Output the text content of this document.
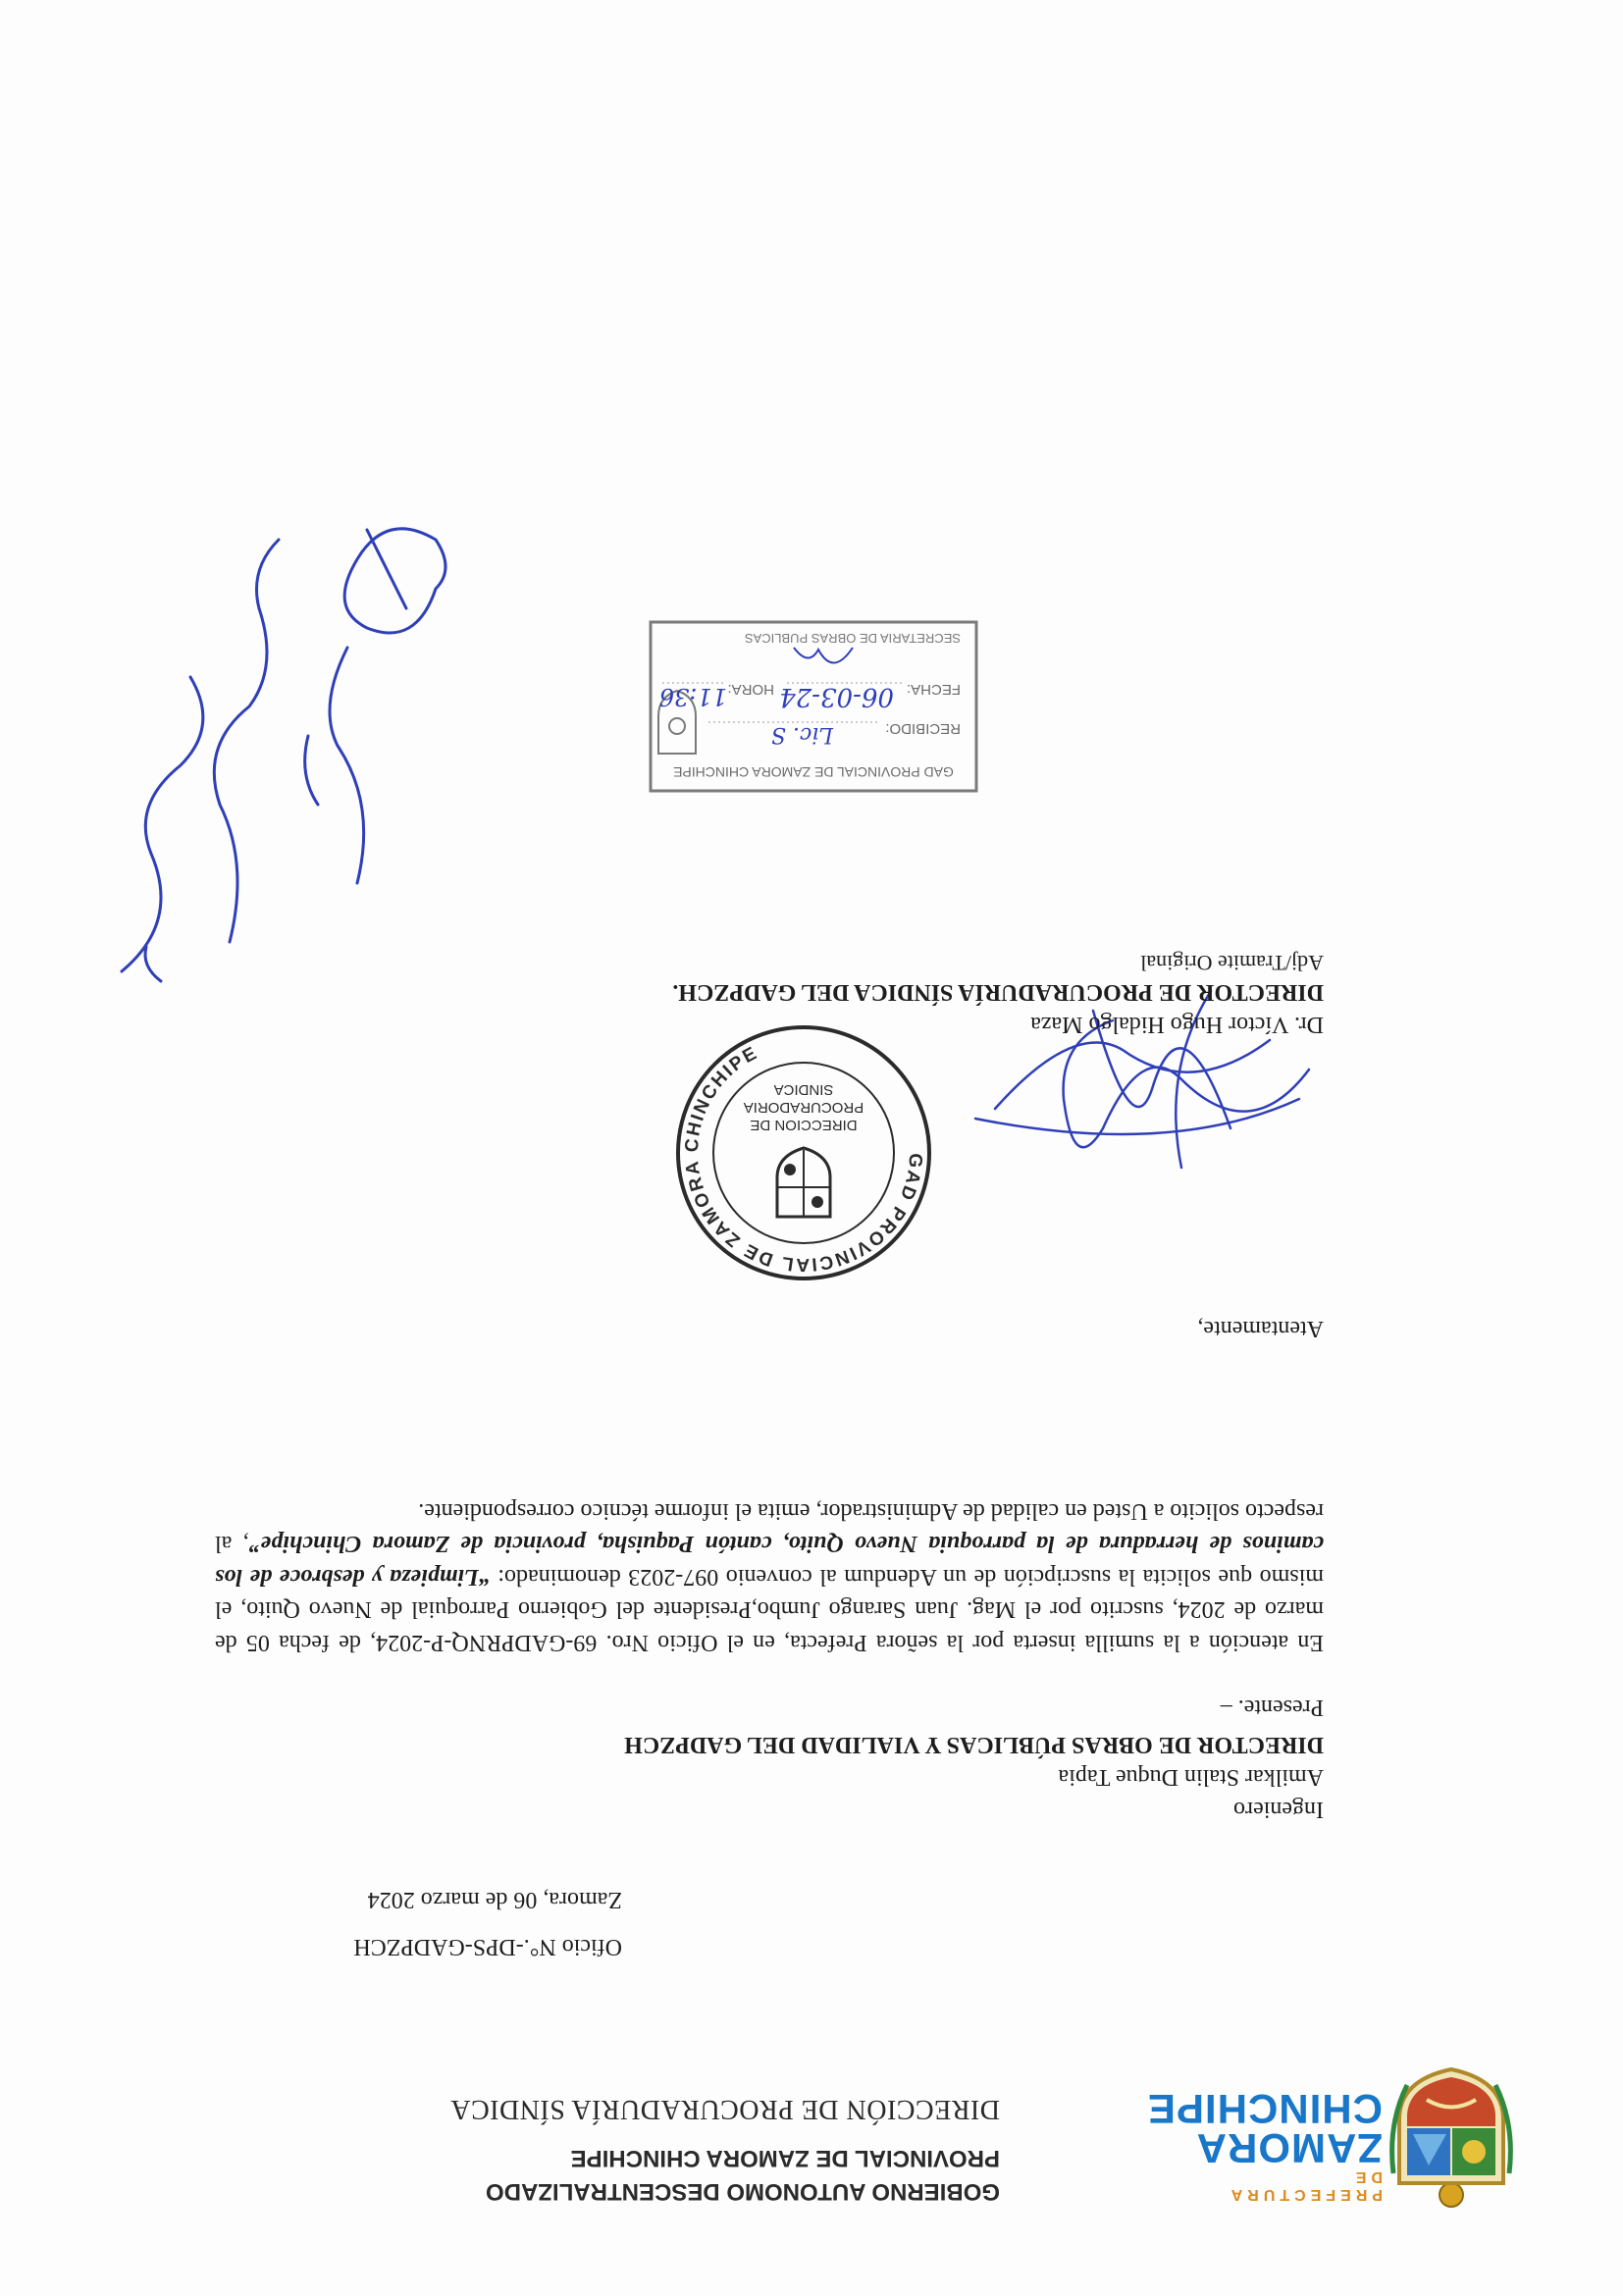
PREFECTURA DE
ZAMORA
CHINCHIPE
GOBIERNO AUTONOMO DESCENTRALIZADO
PROVINCIAL DE ZAMORA CHINCHIPE
DIRECCIÓN DE PROCURADURÍA SÍNDICA
Oficio N°.-DPS-GADPZCH
Zamora, 06 de marzo 2024
Ingeniero
Amilkar Stalin Duque Tapia
DIRECTOR DE OBRAS PÚBLICAS Y VIALIDAD DEL GADPZCH
Presente. –
En atención a la sumilla inserta por la señora Prefecta, en el Oficio Nro. 69-GADPRNQ-P-2024, de fecha 05 de marzo de 2024, suscrito por el Mag. Juan Sarango Jumbo,Presidente del Gobierno Parroquial de Nuevo Quito, el mismo que solicita la suscripción de un Adendum al convenio 097-2023 denominado: “Limpieza y desbroce de los caminos de herradura de la parroquia Nuevo Quito, cantón Paquisha, provincia de Zamora Chinchipe”, al respecto solicito a Usted en calidad de Administrador, emita el informe técnico correspondiente.
Atentamente,
GAD PROVINCIAL DE ZAMORA CHINCHIPE
DIRECCION DE
PROCURADORIA
SINDICA
Dr. Víctor Hugo Hidalgo Maza
DIRECTOR DE PROCURADURÍA SÍNDICA DEL GADPZCH.
Adj/Tramite Original
GAD PROVINCIAL DE ZAMORA CHINCHIPE
RECIBIDO:
FECHA:
HORA:
SECRETARIA DE OBRAS PUBLICAS
Lic. S
06-03-24
11:36
